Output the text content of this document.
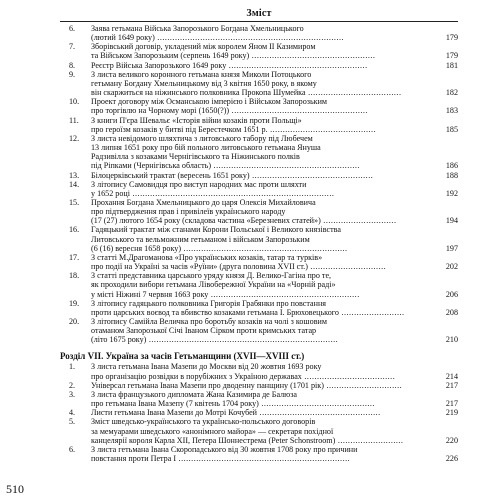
Зміст
6.	Заява гетьмана Війська Запорозького Богдана Хмельницького
(лютий 1649 року) ..........................................................................	179
7.	Зборівський договір, укладений між королем Яном II Казимиром
та Військом Запорозьким (серпень 1649 року) .................................................	179
8.	Реєстр Війська Запорозького 1649 року .......................................................	181
9.	З листа великого коронного гетьмана князя Миколи Потоцького
гетьману Богдану Хмельницькому від 3 квітня 1650 року, в якому
він скаржиться на ніжинського полковника Прокопа Шумейка .....................................	182
10.	Проект договору між Османською імперією і Військом Запорозьким
про торгівлю на Чорному морі (1650(?)) ......................................................	183
11.	З книги П'єра Шевальє «Історія війни козаків проти Польщі»
про героїзм козаків у битві під Берестечком 1651 р. ..........................................	185
12.	З листа невідомого шляхтича з литовського табору під Любечем
13 липня 1651 року про бій польного литовського гетьмана Януша
Радзивілла з козаками Чернігівського та Ніжинського полків
під Ріпками (Чернігівська область) ..........................................................	186
13.	Білоцерківський трактат (вересень 1651 року) ................................................	188
14.	З літопису Самовидця про виступ народних мас проти шляхти
у 1652 році ................................................................................	192
15.	Прохання Богдана Хмельницького до царя Олексія Михайловича
про підтвердження прав і привілеїв українського народу
(17 (27) лютого 1654 року (складова частина «Березневих статей») .............................	194
16.	Гадяцький трактат між станами Корони Польської і Великого князівства
Литовського та вельможним гетьманом і військом Запорозьким
(6 (16) вересня 1658 року) .................................................................	197
17.	З статті М.Драгоманова «Про українських козаків, татар та турків»
про події на Україні за часів «Руїни» (друга половина XVII ст.) ..............................	202
18.	З статті представника царського уряду князя Д. Велико-Гагіна про те,
як проходили вибори гетьмана Лівобережної України на «Чорній раді»
у місті Ніжині 7 червня 1663 року ...........................................................	206
19.	З літопису гадяцького полковника Григорія Грабянки про повстання
проти царських воєвод та вбивство козаками гетьмана І. Брюховецького .........................	208
20.	З літопису Самійла Величка про боротьбу козаків на чолі з кошовим
отаманом Запорозької Січі Іваном Сірком проти кримських татар
(літо 1675 року) ...........................................................................	210
Розділ VII. Україна за часів Гетьманщини (XVII—XVIII ст.)
1.	З листа гетьмана Івана Мазепи до Москви від 20 жовтня 1693 року
про організацію розвідки в порубіжних з Україною державах ....................................	214
2.	Універсал гетьмана Івана Мазепи про дводенну панщину (1701 рік) ..............................	217
3.	З листа французького дипломата Жана Казимира де Балюза
про гетьмана Івана Мазепу (7 квітень 1704 року) .............................................	217
4.	Листи гетьмана Івана Мазепи до Мотрі Кочубей ................................................	219
5.	Зміст шведсько-українського та українсько-польського договорів
за мемуарами шведського «анонімного майора» — секретаря похідної
канцелярії короля Карла XII, Петера Шоннестрема (Peter Schonstroom) ..........................	220
6.	З листа гетьмана Івана Скоропадського від 30 жовтня 1708 року про причини
повстання проти Петра І ....................................................................	226
510
